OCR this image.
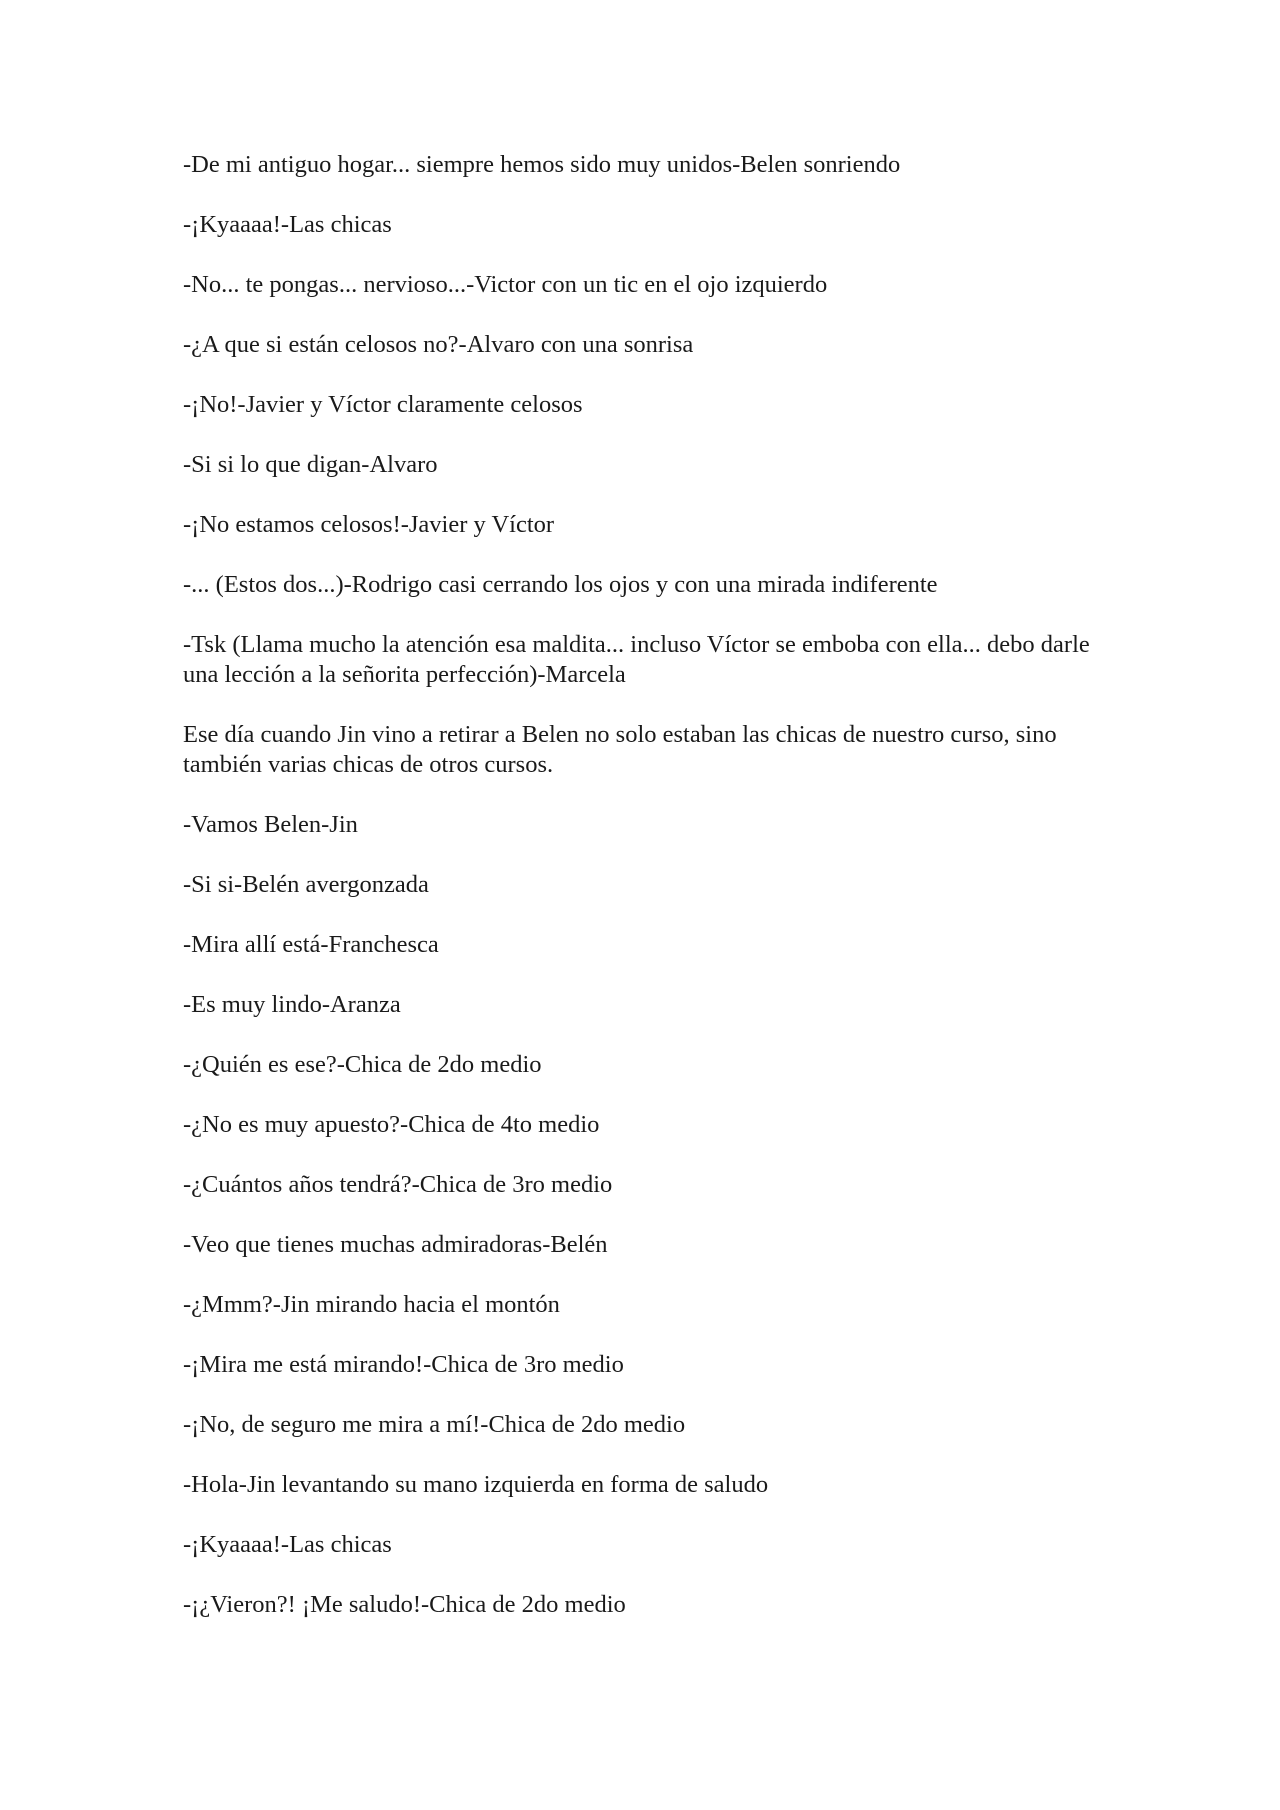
-De mi antiguo hogar... siempre hemos sido muy unidos-Belen sonriendo

-¡Kyaaaa!-Las chicas

-No... te pongas... nervioso...-Victor con un tic en el ojo izquierdo

-¿A que si están celosos no?-Alvaro con una sonrisa

-¡No!-Javier y Víctor claramente celosos

-Si si lo que digan-Alvaro

-¡No estamos celosos!-Javier y Víctor

-... (Estos dos...)-Rodrigo casi cerrando los ojos y con una mirada indiferente

-Tsk (Llama mucho la atención esa maldita... incluso Víctor se emboba con ella... debo darle una lección a la señorita perfección)-Marcela

Ese día cuando Jin vino a retirar a Belen no solo estaban las chicas de nuestro curso, sino también varias chicas de otros cursos.

-Vamos Belen-Jin

-Si si-Belén avergonzada

-Mira allí está-Franchesca

-Es muy lindo-Aranza

-¿Quién es ese?-Chica de 2do medio

-¿No es muy apuesto?-Chica de 4to medio

-¿Cuántos años tendrá?-Chica de 3ro medio

-Veo que tienes muchas admiradoras-Belén

-¿Mmm?-Jin mirando hacia el montón

-¡Mira me está mirando!-Chica de 3ro medio

-¡No, de seguro me mira a mí!-Chica de 2do medio

-Hola-Jin levantando su mano izquierda en forma de saludo

-¡Kyaaaa!-Las chicas

-¡¿Vieron?! ¡Me saludo!-Chica de 2do medio
